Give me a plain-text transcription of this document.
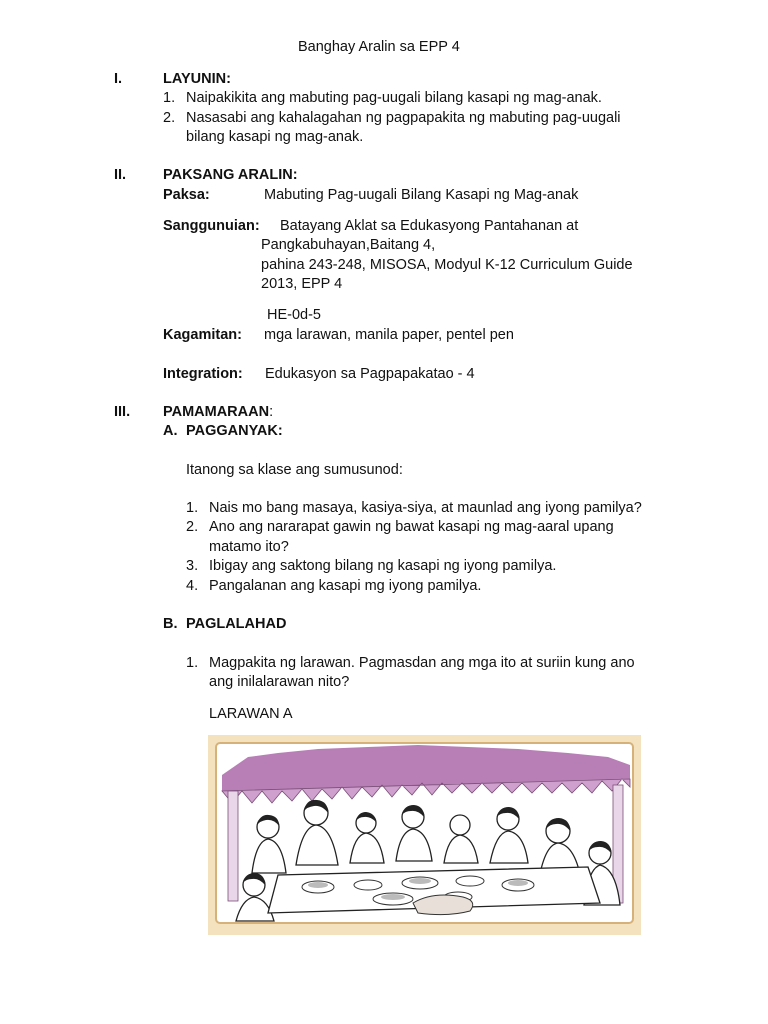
Banghay Aralin sa EPP 4
I.	LAYUNIN:
1. Naipakikita ang mabuting pag-uugali bilang kasapi ng mag-anak.
2. Nasasabi ang kahalagahan ng pagpapakita ng mabuting pag-uugali
bilang kasapi ng mag-anak.
II.	PAKSANG ARALIN:
Paksa:	Mabuting Pag-uugali Bilang Kasapi ng Mag-anak
Sanggunuian: Batayang Aklat sa Edukasyong Pantahanan at
Pangkabuhayan,Baitang 4,
pahina 243-248, MISOSA, Modyul K-12 Curriculum Guide
2013, EPP 4
HE-0d-5
Kagamitan: mga larawan, manila paper, pentel pen
Integration: Edukasyon sa Pagpapakatao - 4
III. PAMAMARAAN:
A. PAGGANYAK:
Itanong sa klase ang sumusunod:
1. Nais mo bang masaya, kasiya-siya, at maunlad ang iyong pamilya?
2. Ano ang nararapat gawin ng bawat kasapi ng mag-aaral upang
matamo ito?
3. Ibigay ang saktong bilang ng kasapi ng iyong pamilya.
4. Pangalanan ang kasapi mg iyong pamilya.
B. PAGLALAHAD
1. Magpakita ng larawan. Pagmasdan ang mga ito at suriin kung ano
ang inilalarawan nito?
LARAWAN A
